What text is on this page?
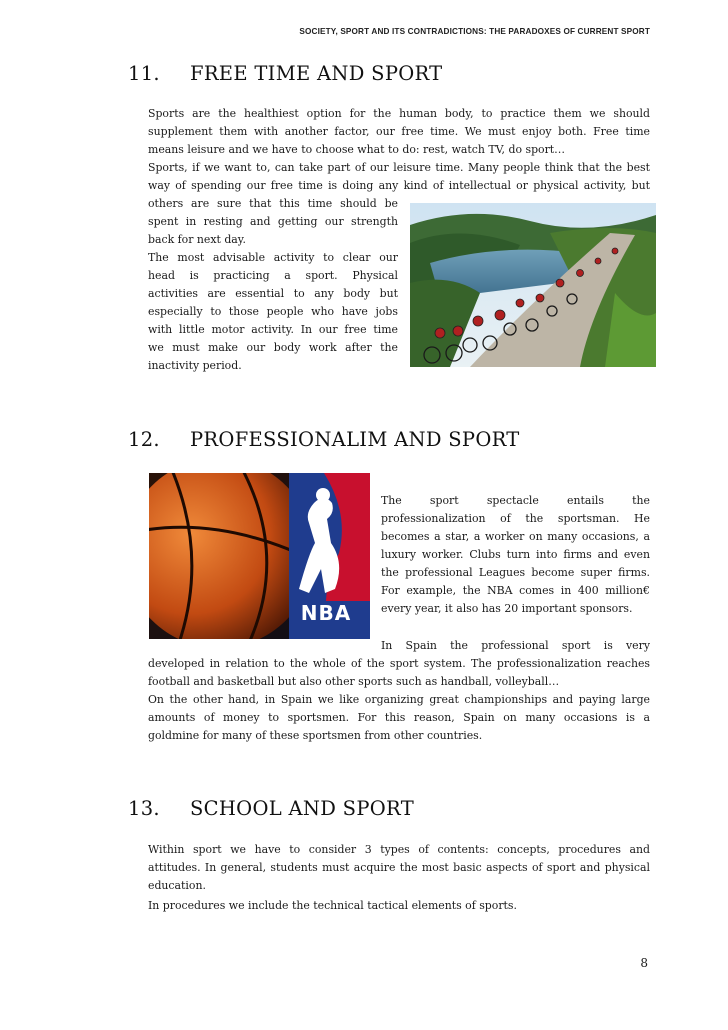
SOCIETY, SPORT AND ITS CONTRADICTIONS: THE PARADOXES OF CURRENT SPORT
11. FREE TIME AND SPORT
Sports are the healthiest option for the human body, to practice them we should
supplement them with another factor, our free time. We must enjoy both. Free time
means leisure and we have to choose what to do: rest, watch TV, do sport…
Sports, if we want to, can take part of our leisure time. Many people think that the best
way of spending our free time is doing any kind of intellectual or physical activity, but
others are sure that this time should be
spent in resting and getting our strength
back for next day.
The most advisable activity to clear our
head is practicing a sport. Physical
activities are essential to any body but
especially to those people who have jobs
with little motor activity. In our free time
we must make our body work after the
inactivity period.
12. PROFESSIONALIM AND SPORT
NBA
The sport spectacle entails the
professionalization of the sportsman. He
becomes a star, a worker on many occasions, a
luxury worker. Clubs turn into firms and even
the professional Leagues become super firms.
For example, the NBA comes in 400 million€
every year, it also has 20 important sponsors.
In Spain the professional sport is very
developed in relation to the whole of the sport system. The professionalization reaches
football and basketball but also other sports such as handball, volleyball…
On the other hand, in Spain we like organizing great championships and paying large
amounts of money to sportsmen. For this reason, Spain on many occasions is a
goldmine for many of these sportsmen from other countries.
13. SCHOOL AND SPORT
Within sport we have to consider 3 types of contents: concepts, procedures and
attitudes. In general, students must acquire the most basic aspects of sport and physical
education.
In procedures we include the technical tactical elements of sports.
8
